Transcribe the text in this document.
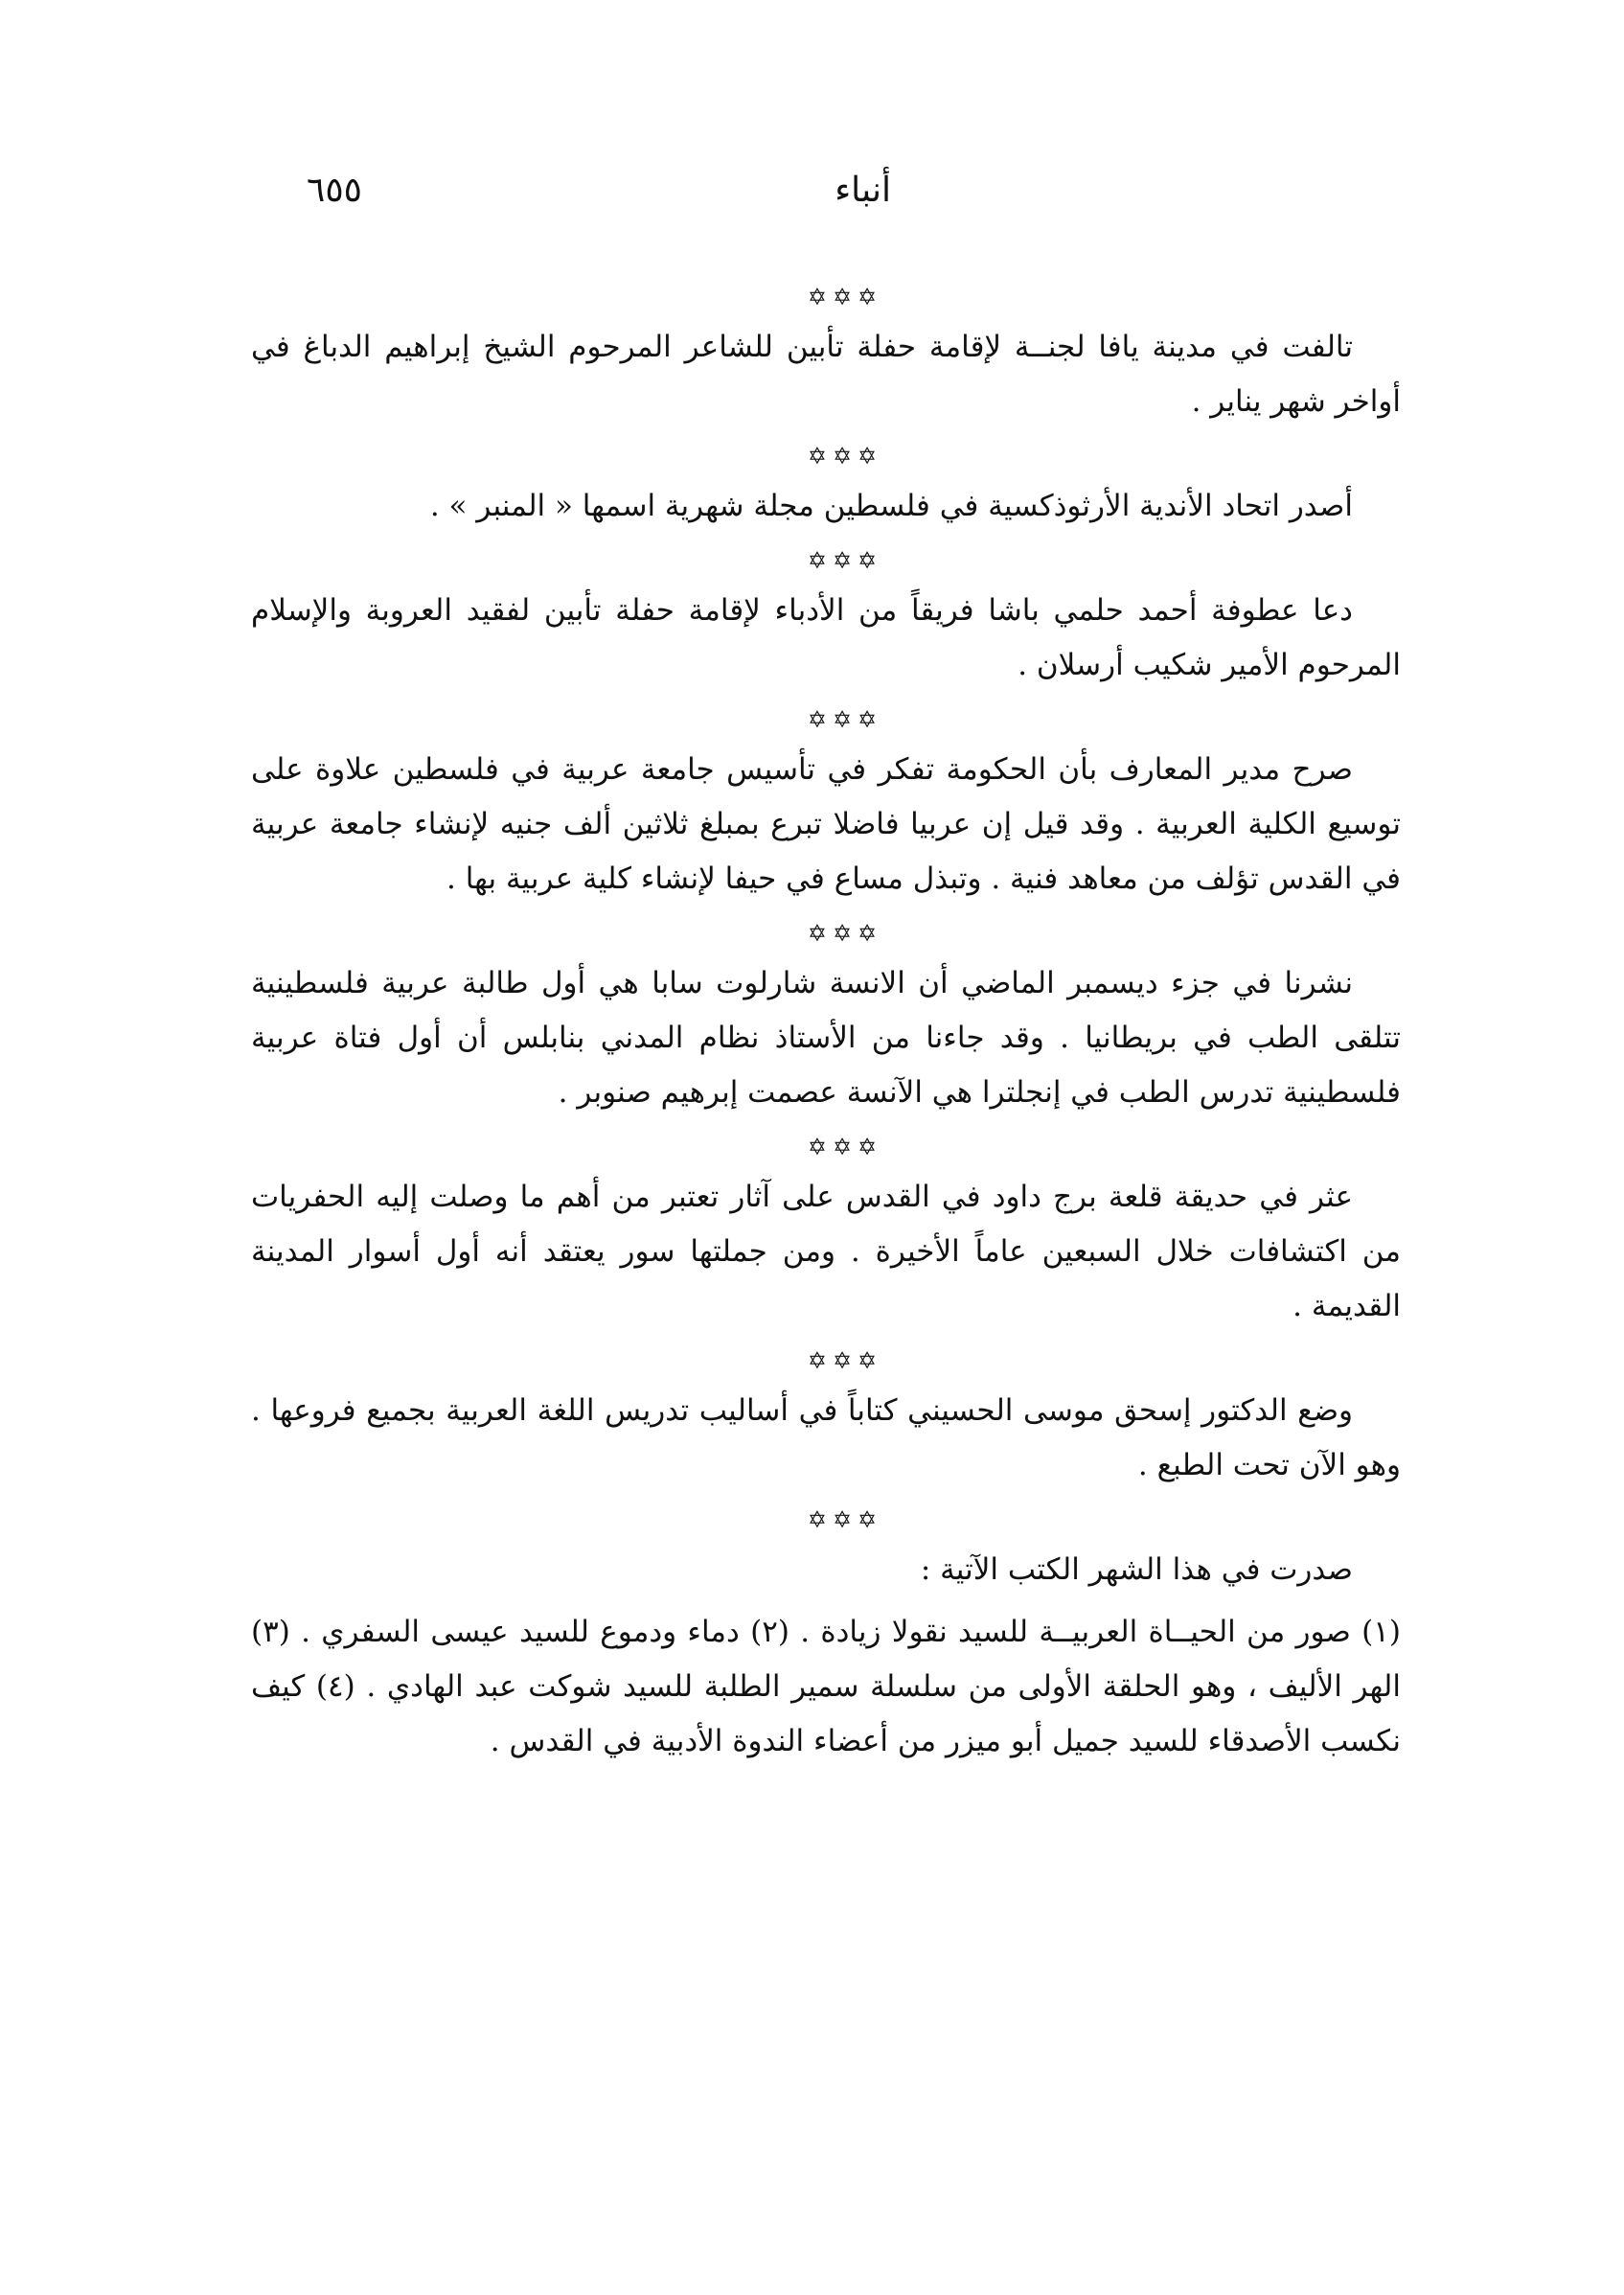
أنباء
٦٥٥
✡✡✡

تالفت في مدينة يافا لجنــة لإقامة حفلة تأبين للشاعر المرحوم الشيخ إبراهيم الدباغ في أواخر شهر يناير .

✡✡✡

أصدر اتحاد الأندية الأرثوذكسية في فلسطين مجلة شهرية اسمها « المنبر » .

✡✡✡

دعا عطوفة أحمد حلمي باشا فريقاً من الأدباء لإقامة حفلة تأبين لفقيد العروبة والإسلام المرحوم الأمير شكيب أرسلان .

✡✡✡

صرح مدير المعارف بأن الحكومة تفكر في تأسيس جامعة عربية في فلسطين علاوة على توسيع الكلية العربية . وقد قيل إن عربيا فاضلا تبرع بمبلغ ثلاثين ألف جنيه لإنشاء جامعة عربية في القدس تؤلف من معاهد فنية . وتبذل مساع في حيفا لإنشاء كلية عربية بها .

✡✡✡

نشرنا في جزء ديسمبر الماضي أن الانسة شارلوت سابا هي أول طالبة عربية فلسطينية تتلقى الطب في بريطانيا . وقد جاءنا من الأستاذ نظام المدني بنابلس أن أول فتاة عربية فلسطينية تدرس الطب في إنجلترا هي الآنسة عصمت إبرهيم صنوبر .

✡✡✡

عثر في حديقة قلعة برج داود في القدس على آثار تعتبر من أهم ما وصلت إليه الحفريات من اكتشافات خلال السبعين عاماً الأخيرة . ومن جملتها سور يعتقد أنه أول أسوار المدينة القديمة .

✡✡✡

وضع الدكتور إسحق موسى الحسيني كتاباً في أساليب تدريس اللغة العربية بجميع فروعها . وهو الآن تحت الطبع .

✡✡✡

صدرت في هذا الشهر الكتب الآتية :

(١) صور من الحيــاة العربيــة للسيد نقولا زيادة . (٢) دماء ودموع للسيد عيسى السفري . (٣) الهر الأليف ، وهو الحلقة الأولى من سلسلة سمير الطلبة للسيد شوكت عبد الهادي . (٤) كيف نكسب الأصدقاء للسيد جميل أبو ميزر من أعضاء الندوة الأدبية في القدس .
